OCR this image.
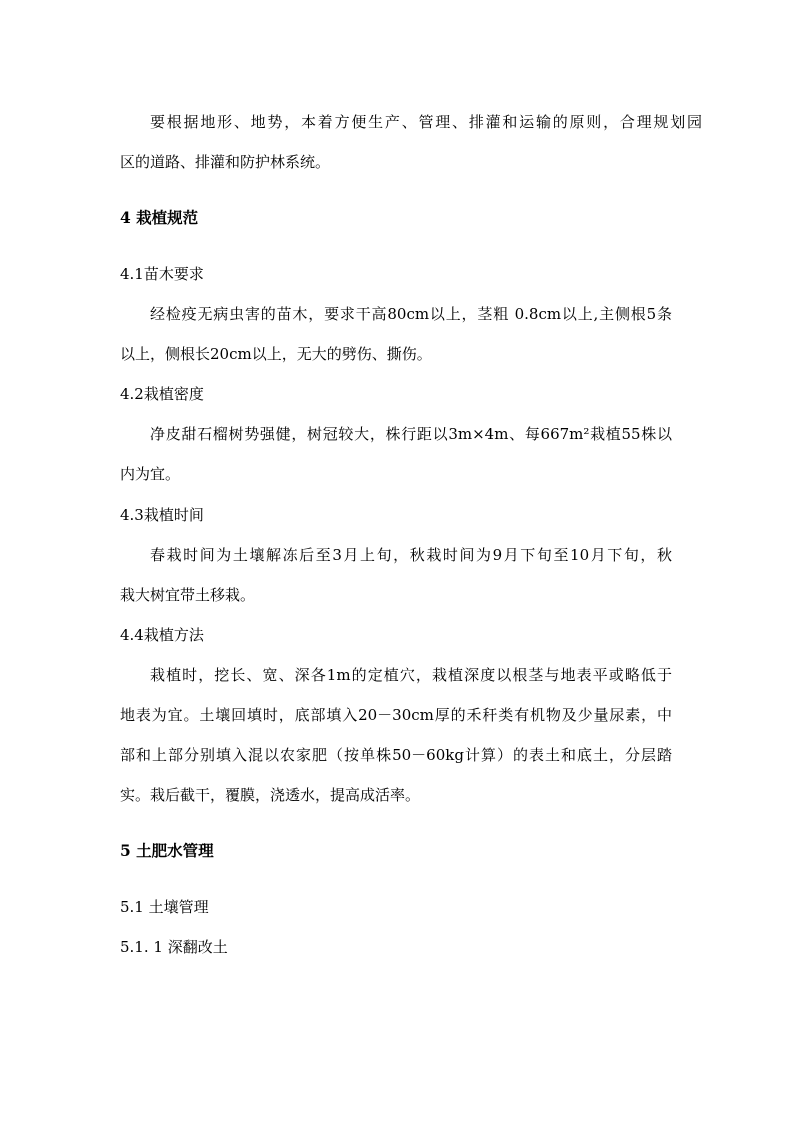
要根据地形、地势，本着方便生产、管理、排灌和运输的原则，合理规划园
区的道路、排灌和防护林系统。
4 栽植规范
4.1苗木要求
经检疫无病虫害的苗木，要求干高80cm以上，茎粗 0.8cm以上,主侧根5条
以上，侧根长20cm以上，无大的劈伤、撕伤。
4.2栽植密度
净皮甜石榴树势强健，树冠较大，株行距以3m×4m、每667m²栽植55株以
内为宜。
4.3栽植时间
春栽时间为土壤解冻后至3月上旬，秋栽时间为9月下旬至10月下旬，秋
栽大树宜带土移栽。
4.4栽植方法
栽植时，挖长、宽、深各1m的定植穴，栽植深度以根茎与地表平或略低于
地表为宜。土壤回填时，底部填入20－30cm厚的禾秆类有机物及少量尿素，中
部和上部分别填入混以农家肥（按单株50－60kg计算）的表土和底土，分层踏
实。栽后截干，覆膜，浇透水，提高成活率。
5 土肥水管理
5.1 土壤管理
5.1. 1 深翻改土
